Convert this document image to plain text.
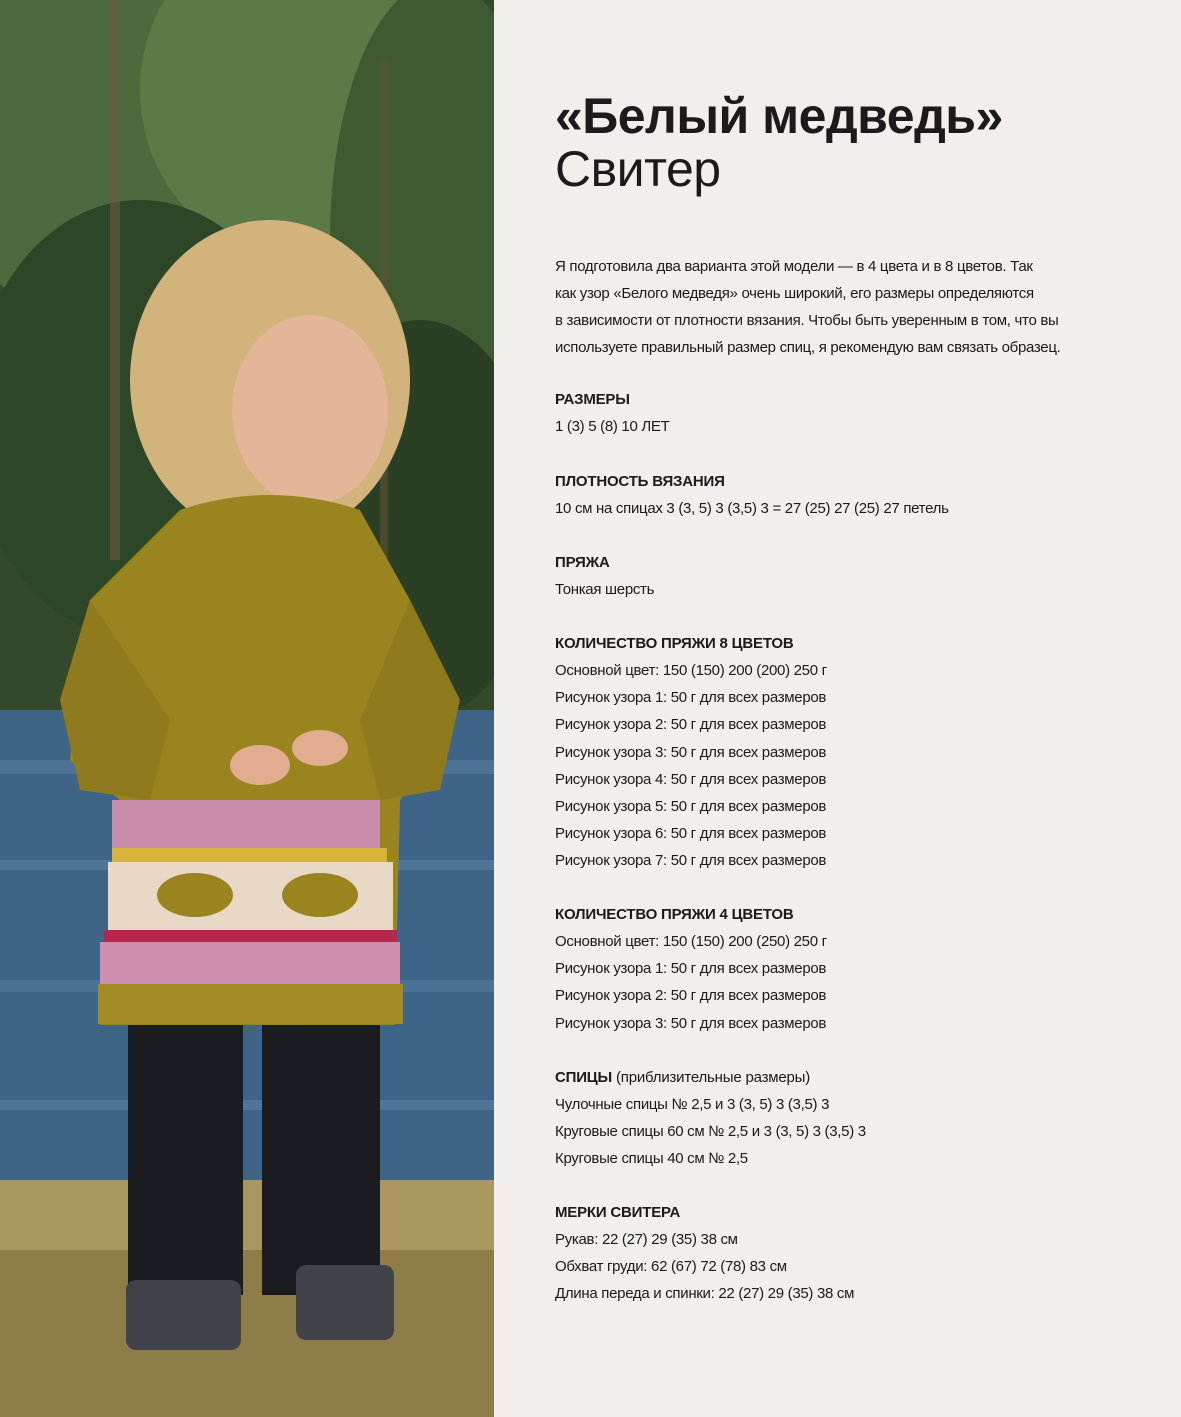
«Белый медведь»
Свитер
Я подготовила два варианта этой модели — в 4 цвета и в 8 цветов. Так
как узор «Белого медведя» очень широкий, его размеры определяются
в зависимости от плотности вязания. Чтобы быть уверенным в том, что вы
используете правильный размер спиц, я рекомендую вам связать образец.
РАЗМЕРЫ
1 (3) 5 (8) 10 ЛЕТ
ПЛОТНОСТЬ ВЯЗАНИЯ
10 см на спицах 3 (3, 5) 3 (3,5) 3 = 27 (25) 27 (25) 27 петель
ПРЯЖА
Тонкая шерсть
КОЛИЧЕСТВО ПРЯЖИ 8 ЦВЕТОВ
Основной цвет: 150 (150) 200 (200) 250 г
Рисунок узора 1: 50 г для всех размеров
Рисунок узора 2: 50 г для всех размеров
Рисунок узора 3: 50 г для всех размеров
Рисунок узора 4: 50 г для всех размеров
Рисунок узора 5: 50 г для всех размеров
Рисунок узора 6: 50 г для всех размеров
Рисунок узора 7: 50 г для всех размеров
КОЛИЧЕСТВО ПРЯЖИ 4 ЦВЕТОВ
Основной цвет: 150 (150) 200 (250) 250 г
Рисунок узора 1: 50 г для всех размеров
Рисунок узора 2: 50 г для всех размеров
Рисунок узора 3: 50 г для всех размеров
СПИЦЫ (приблизительные размеры)
Чулочные спицы № 2,5 и 3 (3, 5) 3 (3,5) 3
Круговые спицы 60 см № 2,5 и 3 (3, 5) 3 (3,5) 3
Круговые спицы 40 см № 2,5
МЕРКИ СВИТЕРА
Рукав: 22 (27) 29 (35) 38 см
Обхват груди: 62 (67) 72 (78) 83 см
Длина переда и спинки: 22 (27) 29 (35) 38 см
